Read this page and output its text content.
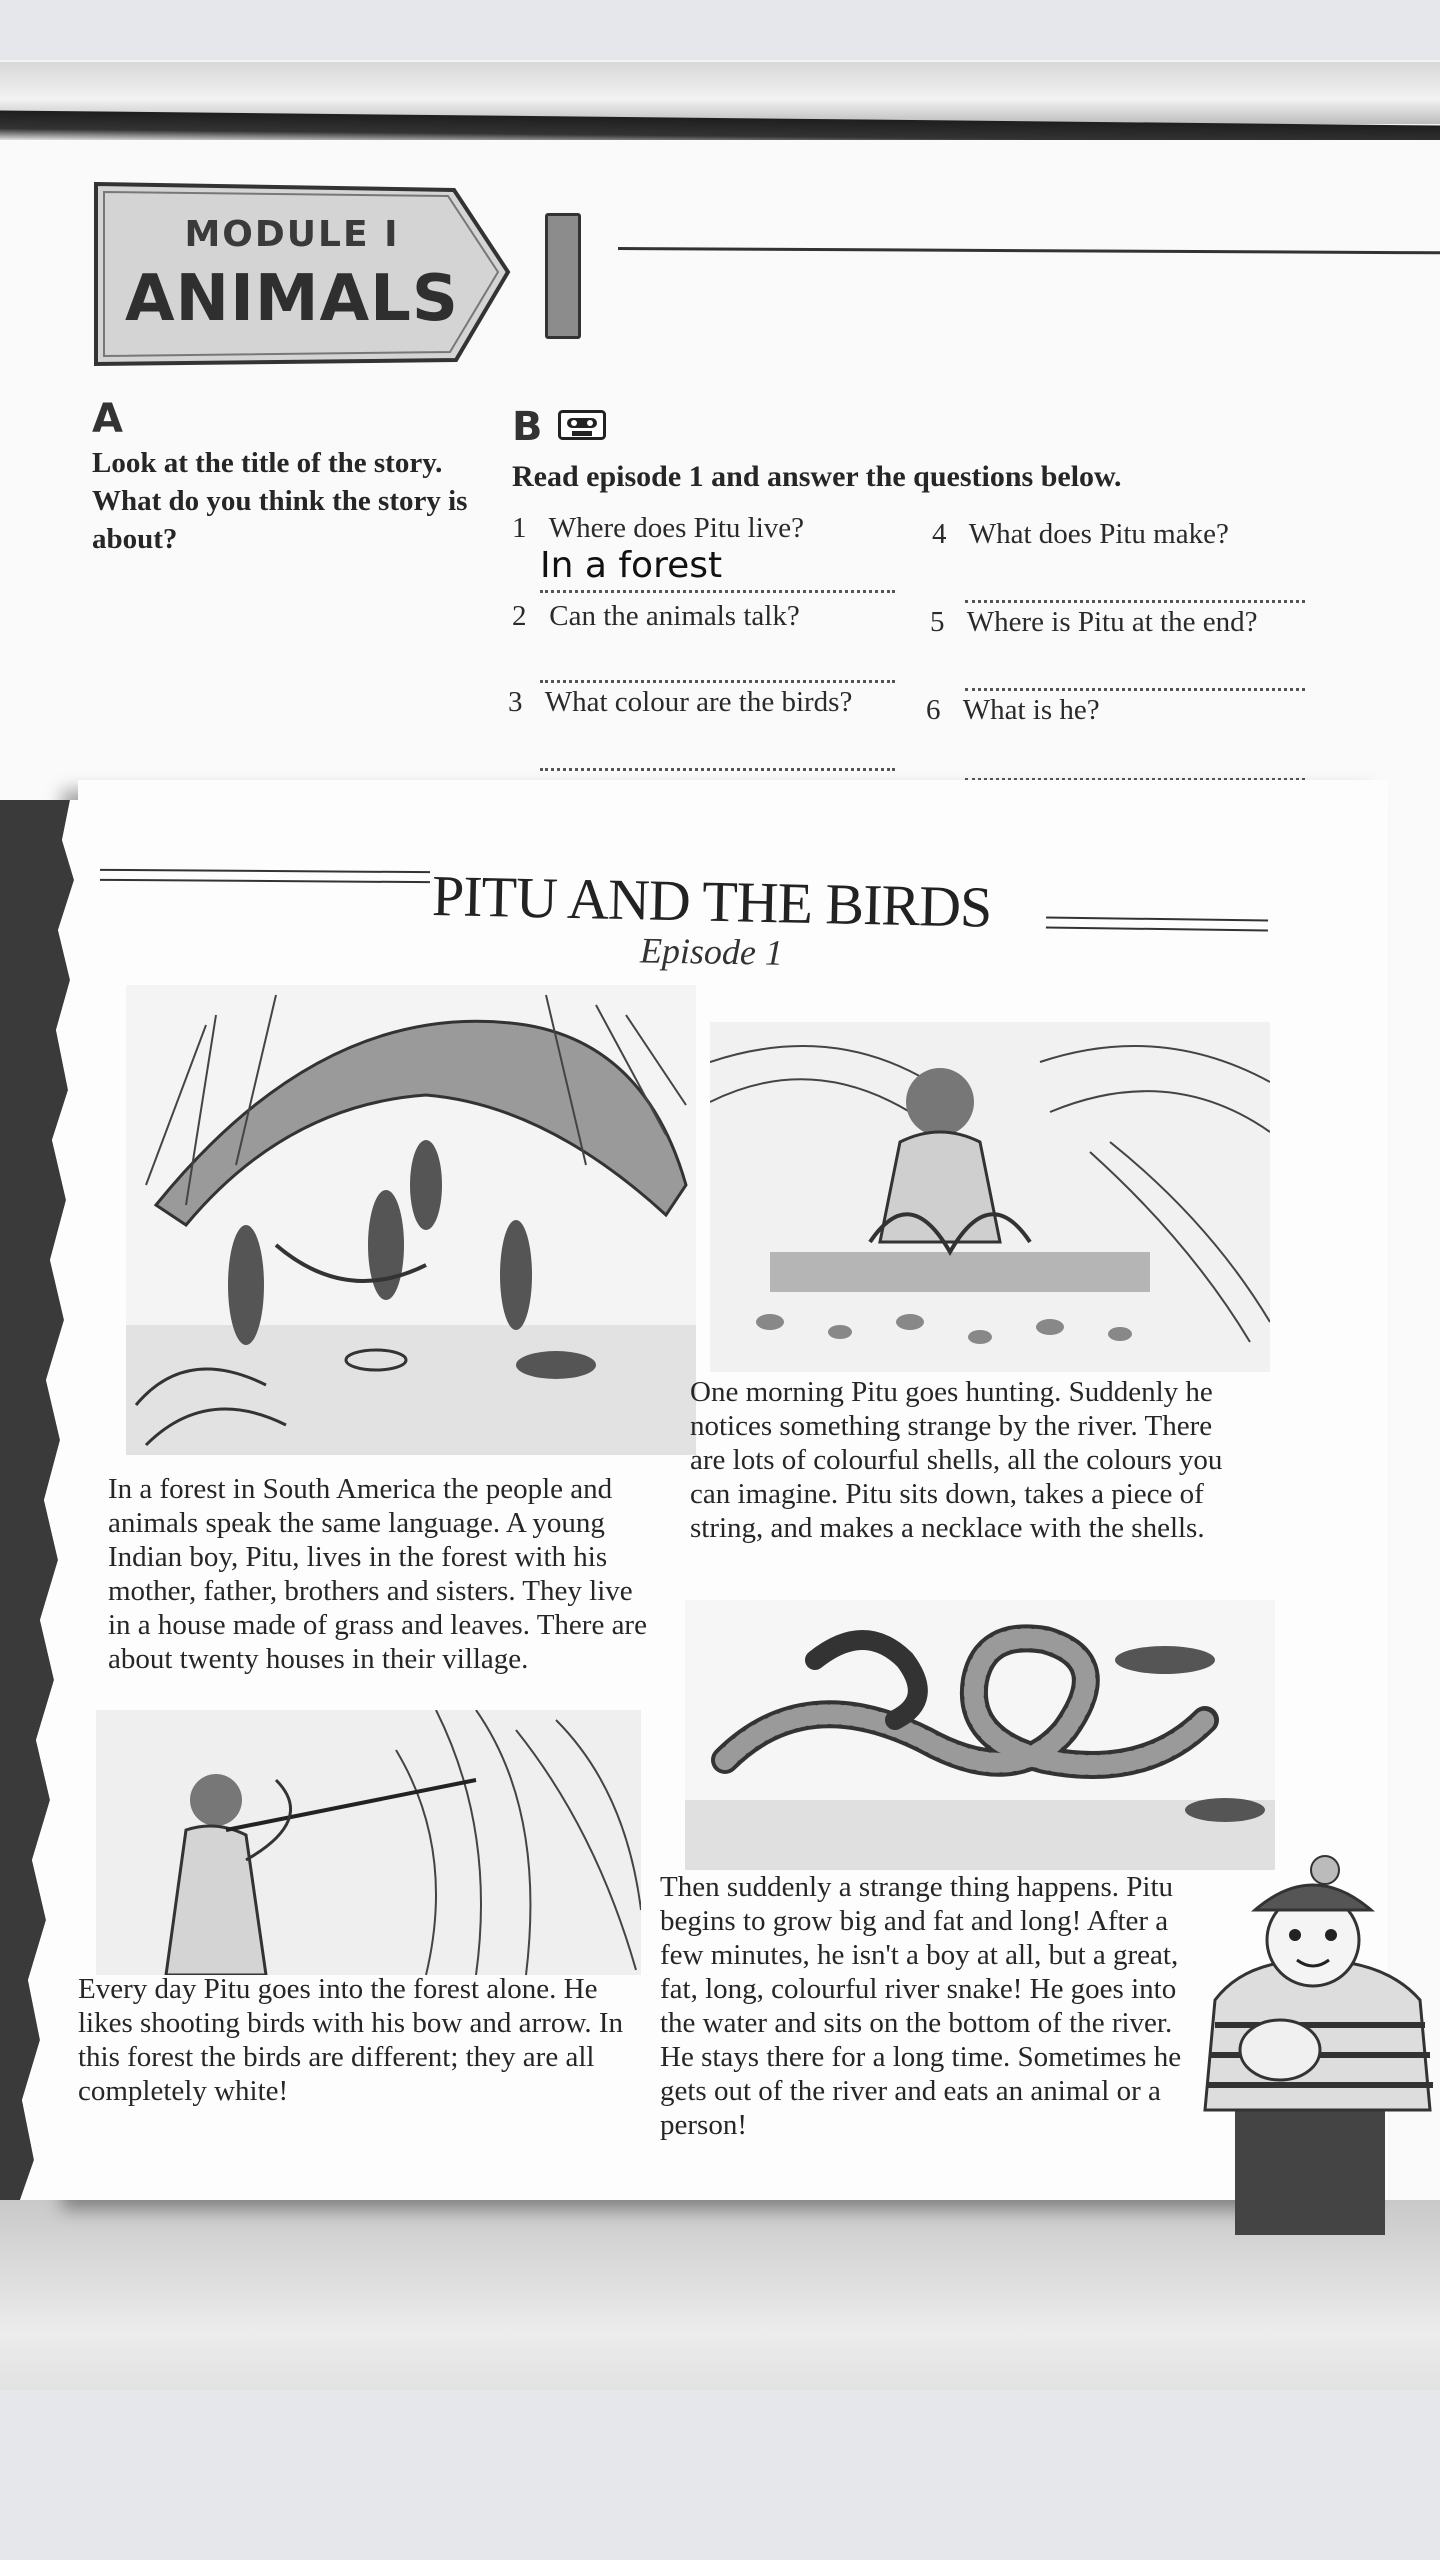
MODULE I
ANIMALS
A
Look at the title of the story. What do you think the story is about?
B
Read episode 1 and answer the questions below.
1 Where does Pitu live?
In a forest
2 Can the animals talk?
3 What colour are the birds?
4 What does Pitu make?
5 Where is Pitu at the end?
6 What is he?
PITU AND THE BIRDS
Episode 1
In a forest in South America the people and animals speak the same language. A young Indian boy, Pitu, lives in the forest with his mother, father, brothers and sisters. They live in a house made of grass and leaves. There are about twenty houses in their village.
One morning Pitu goes hunting. Suddenly he notices something strange by the river. There are lots of colourful shells, all the colours you can imagine. Pitu sits down, takes a piece of string, and makes a necklace with the shells.
Every day Pitu goes into the forest alone. He likes shooting birds with his bow and arrow. In this forest the birds are different; they are all completely white!
Then suddenly a strange thing happens. Pitu begins to grow big and fat and long! After a few minutes, he isn't a boy at all, but a great, fat, long, colourful river snake! He goes into the water and sits on the bottom of the river. He stays there for a long time. Sometimes he gets out of the river and eats an animal or a person!
